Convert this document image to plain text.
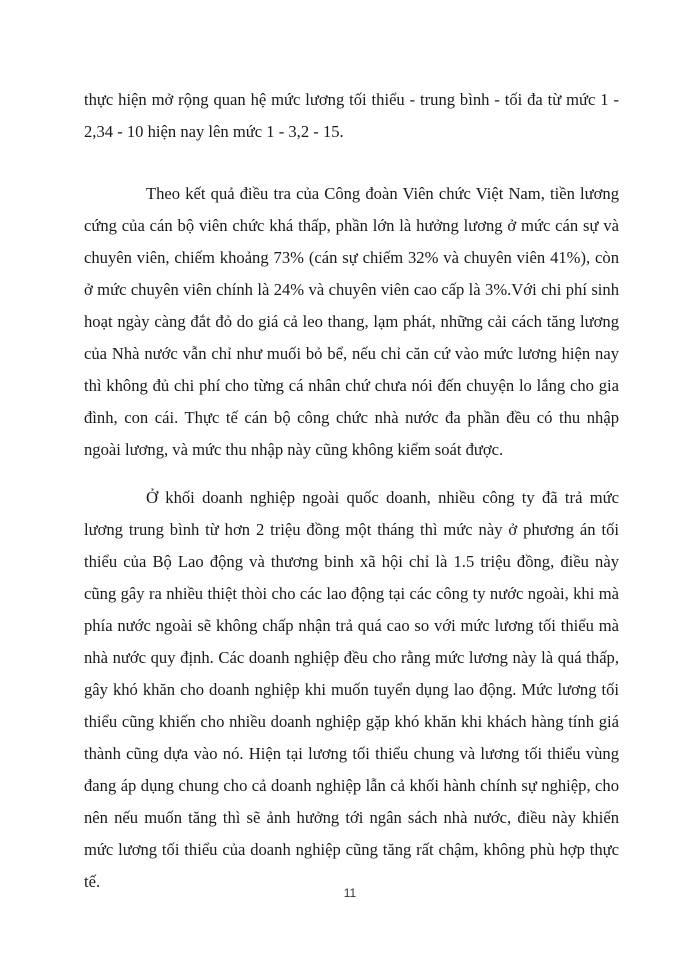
thực hiện mở rộng quan hệ mức lương tối thiểu - trung bình - tối đa từ mức 1 - 2,34 - 10 hiện nay lên mức 1 - 3,2 - 15.

Theo kết quả điều tra của Công đoàn Viên chức Việt Nam, tiền lương cứng của cán bộ viên chức khá thấp, phần lớn là hưởng lương ở mức cán sự và chuyên viên, chiếm khoảng 73% (cán sự chiếm 32% và chuyên viên 41%), còn ở mức chuyên viên chính là 24% và chuyên viên cao cấp là 3%.Với chi phí sinh hoạt ngày càng đắt đỏ do giá cả leo thang, lạm phát, những cải cách tăng lương của Nhà nước vẫn chỉ như muối bỏ bể, nếu chỉ căn cứ vào mức lương hiện nay thì không đủ chi phí cho từng cá nhân chứ chưa nói đến chuyện lo lắng cho gia đình, con cái. Thực tế cán bộ công chức nhà nước đa phần đều có thu nhập ngoài lương, và mức thu nhập này cũng không kiểm soát được.

Ở khối doanh nghiệp ngoài quốc doanh, nhiều công ty đã trả mức lương trung bình từ hơn 2 triệu đồng một tháng thì mức này ở phương án tối thiểu của Bộ Lao động và thương binh xã hội chỉ là 1.5 triệu đồng, điều này cũng gây ra nhiều thiệt thòi cho các lao động tại các công ty nước ngoài, khi mà phía nước ngoài sẽ không chấp nhận trả quá cao so với mức lương tối thiểu mà nhà nước quy định. Các doanh nghiệp đều cho rằng mức lương này là quá thấp, gây khó khăn cho doanh nghiệp khi muốn tuyển dụng lao động. Mức lương tối thiểu cũng khiến cho nhiều doanh nghiệp gặp khó khăn khi khách hàng tính giá thành cũng dựa vào nó. Hiện tại lương tối thiểu chung và lương tối thiểu vùng đang áp dụng chung cho cả doanh nghiệp lẫn cả khối hành chính sự nghiệp, cho nên nếu muốn tăng thì sẽ ảnh hưởng tới ngân sách nhà nước, điều này khiến mức lương tối thiểu của doanh nghiệp cũng tăng rất chậm, không phù hợp thực tế.

11
